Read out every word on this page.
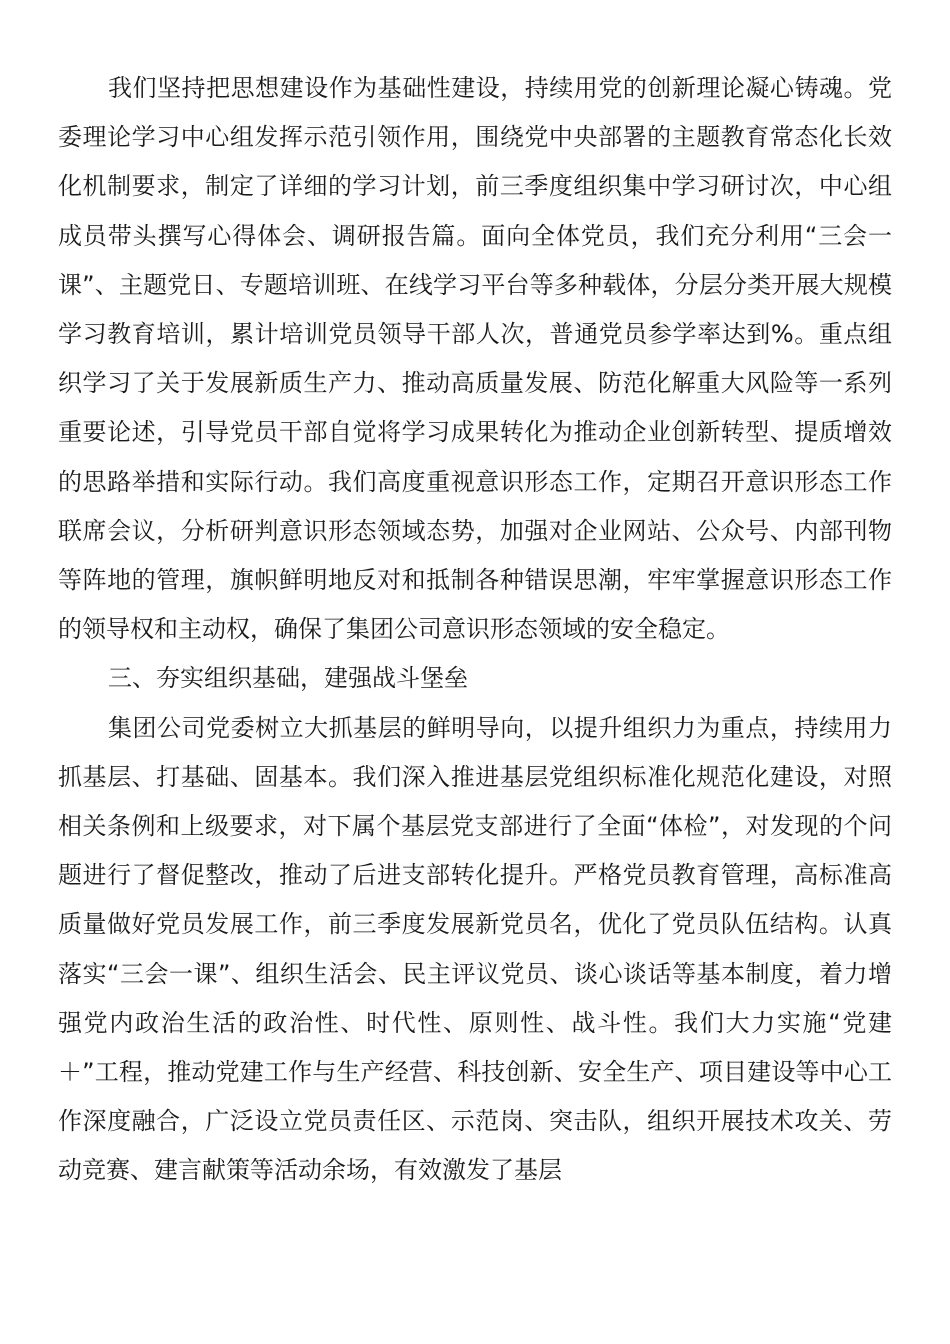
我们坚持把思想建设作为基础性建设，持续用党的创新理论凝心铸魂。党委理论学习中心组发挥示范引领作用，围绕党中央部署的主题教育常态化长效化机制要求，制定了详细的学习计划，前三季度组织集中学习研讨次，中心组成员带头撰写心得体会、调研报告篇。面向全体党员，我们充分利用“三会一课”、主题党日、专题培训班、在线学习平台等多种载体，分层分类开展大规模学习教育培训，累计培训党员领导干部人次，普通党员参学率达到%。重点组织学习了关于发展新质生产力、推动高质量发展、防范化解重大风险等一系列重要论述，引导党员干部自觉将学习成果转化为推动企业创新转型、提质增效的思路举措和实际行动。我们高度重视意识形态工作，定期召开意识形态工作联席会议，分析研判意识形态领域态势，加强对企业网站、公众号、内部刊物等阵地的管理，旗帜鲜明地反对和抵制各种错误思潮，牢牢掌握意识形态工作的领导权和主动权，确保了集团公司意识形态领域的安全稳定。

三、夯实组织基础，建强战斗堡垒

集团公司党委树立大抓基层的鲜明导向，以提升组织力为重点，持续用力抓基层、打基础、固基本。我们深入推进基层党组织标准化规范化建设，对照相关条例和上级要求，对下属个基层党支部进行了全面“体检”，对发现的个问题进行了督促整改，推动了后进支部转化提升。严格党员教育管理，高标准高质量做好党员发展工作，前三季度发展新党员名，优化了党员队伍结构。认真落实“三会一课”、组织生活会、民主评议党员、谈心谈话等基本制度，着力增强党内政治生活的政治性、时代性、原则性、战斗性。我们大力实施“党建＋”工程，推动党建工作与生产经营、科技创新、安全生产、项目建设等中心工作深度融合，广泛设立党员责任区、示范岗、突击队，组织开展技术攻关、劳动竞赛、建言献策等活动余场，有效激发了基层
